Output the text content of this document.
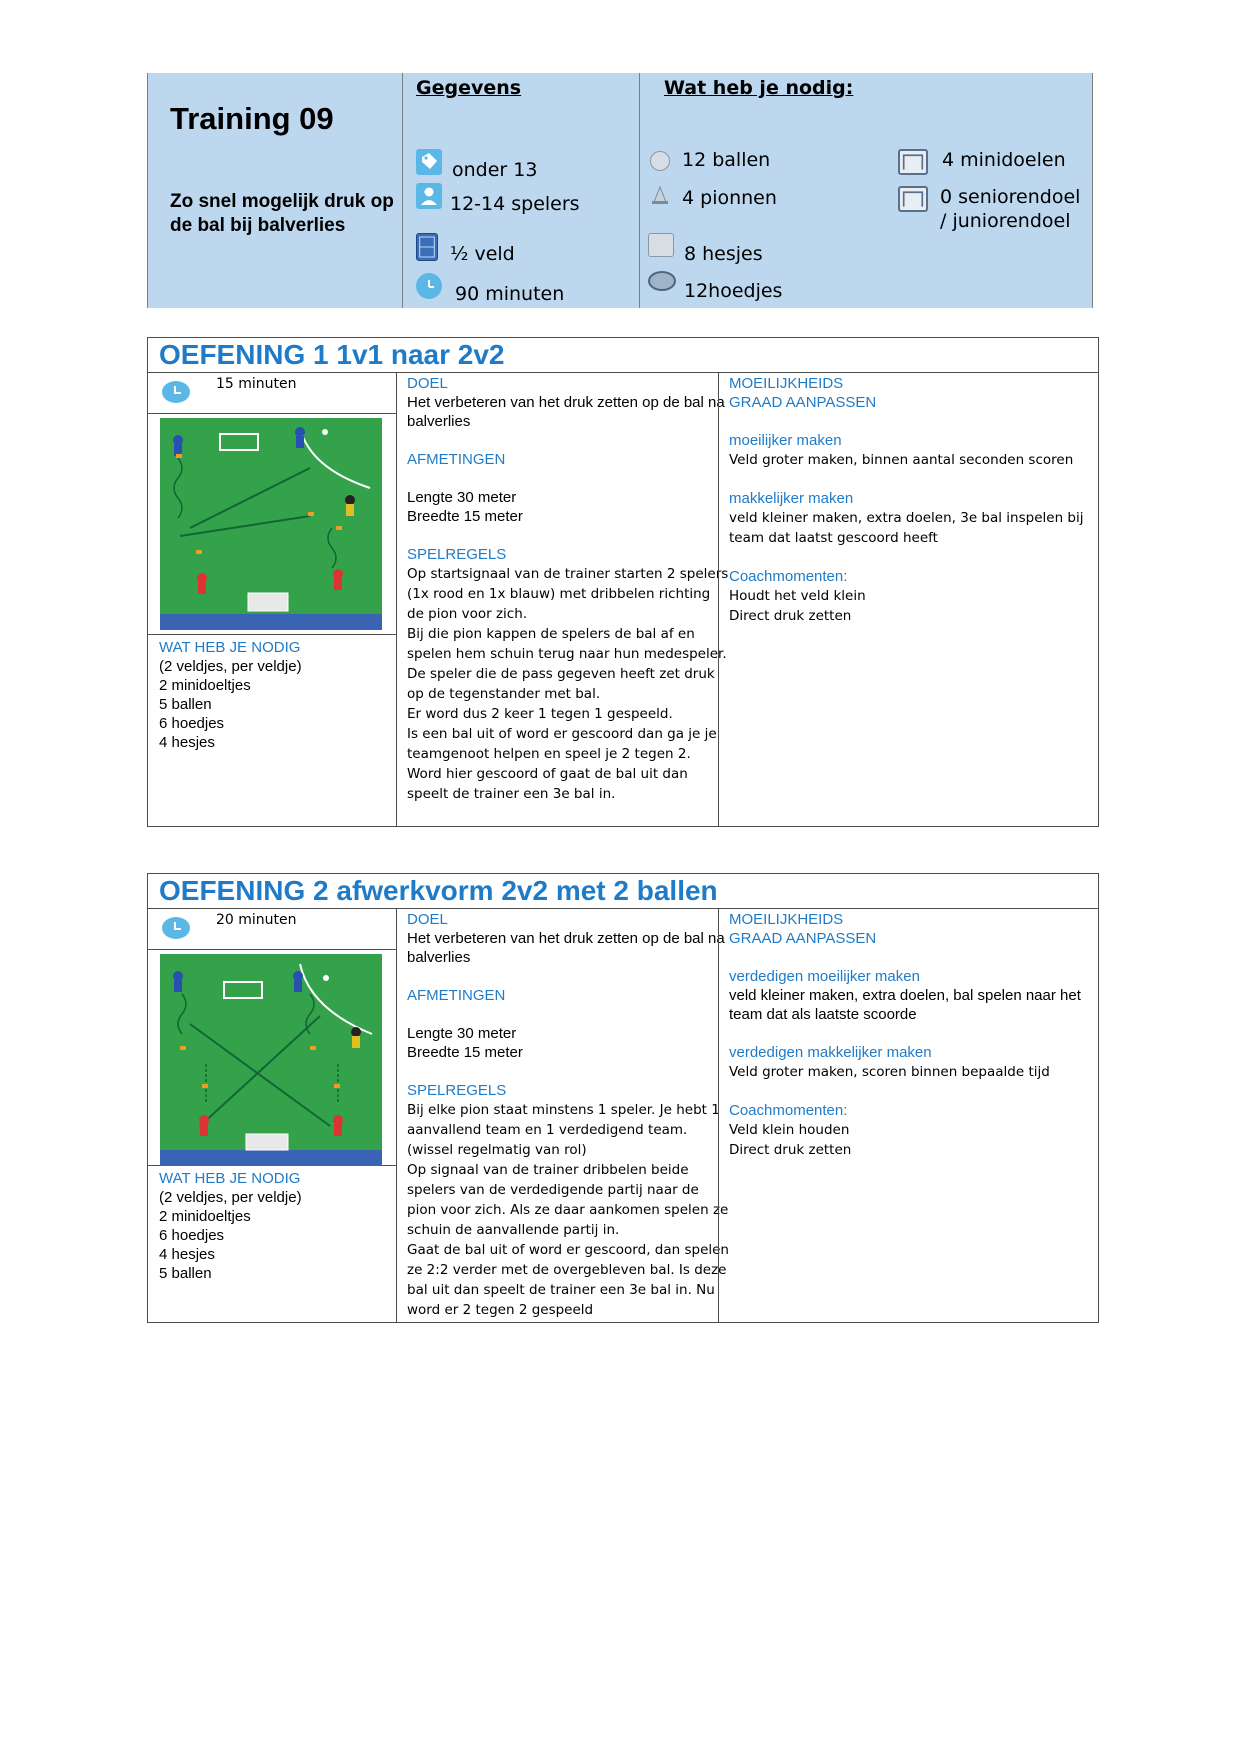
Training 09
Zo snel mogelijk druk op de bal bij balverlies
Gegevens	Wat heb je nodig:
onder 13
12-14 spelers
½ veld
90 minuten
12 ballen
4 pionnen
8 hesjes
12hoedjes
4 minidoelen
0 seniorendoel
/ juniorendoel
OEFENING 1 1v1 naar 2v2
15 minuten
WAT HEB JE NODIG
(2 veldjes, per veldje)
2 minidoeltjes
5 ballen
6 hoedjes
4 hesjes
DOEL
Het verbeteren van het druk zetten op de bal na balverlies
AFMETINGEN
Lengte 30 meter
Breedte 15 meter
SPELREGELS
Op startsignaal van de trainer starten 2 spelers (1x rood en 1x blauw) met dribbelen richting de pion voor zich.
Bij die pion kappen de spelers de bal af en spelen hem schuin terug naar hun medespeler.
De speler die de pass gegeven heeft zet druk op de tegenstander met bal.
Er word dus 2 keer 1 tegen 1 gespeeld.
Is een bal uit of word er gescoord dan ga je je teamgenoot helpen en speel je 2 tegen 2.
Word hier gescoord of gaat de bal uit dan speelt de trainer een 3e bal in.
MOEILIJKHEIDS
GRAAD AANPASSEN
moeilijker maken
Veld groter maken, binnen aantal seconden scoren
makkelijker maken
veld kleiner maken, extra doelen, 3e bal inspelen bij team dat laatst gescoord heeft
Coachmomenten:
Houdt het veld klein
Direct druk zetten
OEFENING 2 afwerkvorm 2v2 met 2 ballen
20 minuten
WAT HEB JE NODIG
(2 veldjes, per veldje)
2 minidoeltjes
6 hoedjes
4 hesjes
5 ballen
DOEL
Het verbeteren van het druk zetten op de bal na balverlies
AFMETINGEN
Lengte 30 meter
Breedte 15 meter
SPELREGELS
Bij elke pion staat minstens 1 speler. Je hebt 1 aanvallend team en 1 verdedigend team. (wissel regelmatig van rol)
Op signaal van de trainer dribbelen beide spelers van de verdedigende partij naar de pion voor zich. Als ze daar aankomen spelen ze schuin de aanvallende partij in.
Gaat de bal uit of word er gescoord, dan spelen ze 2:2 verder met de overgebleven bal. Is deze bal uit dan speelt de trainer een 3e bal in. Nu word er 2 tegen 2 gespeeld
MOEILIJKHEIDS
GRAAD AANPASSEN
verdedigen moeilijker maken
veld kleiner maken, extra doelen, bal spelen naar het team dat als laatste scoorde
verdedigen makkelijker maken
Veld groter maken, scoren binnen bepaalde tijd
Coachmomenten:
Veld klein houden
Direct druk zetten
